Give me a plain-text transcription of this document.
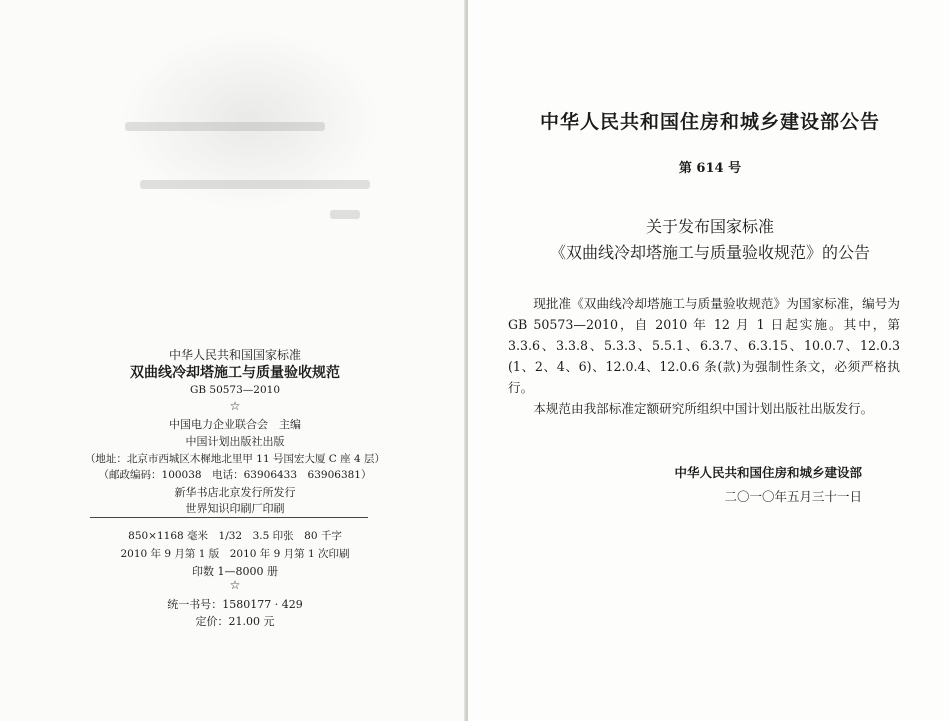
中华人民共和国国家标准
双曲线冷却塔施工与质量验收规范
GB 50573—2010
☆
中国电力企业联合会　主编
中国计划出版社出版
（地址：北京市西城区木樨地北里甲 11 号国宏大厦 C 座 4 层）
（邮政编码：100038　电话：63906433　63906381）
新华书店北京发行所发行
世界知识印刷厂印刷
850×1168 毫米　1/32　3.5 印张　80 千字
2010 年 9 月第 1 版　2010 年 9 月第 1 次印刷
印数 1—8000 册
☆
统一书号：1580177 · 429
定价：21.00 元
中华人民共和国住房和城乡建设部公告
第 614 号
关于发布国家标准
《双曲线冷却塔施工与质量验收规范》的公告

现批准《双曲线冷却塔施工与质量验收规范》为国家标准，编号为 GB 50573—2010，自 2010 年 12 月 1 日起实施。其中，第 3.3.6、3.3.8、5.3.3、5.5.1、6.3.7、6.3.15、10.0.7、12.0.3 (1、2、4、6)、12.0.4、12.0.6 条(款)为强制性条文，必须严格执行。

本规范由我部标准定额研究所组织中国计划出版社出版发行。

中华人民共和国住房和城乡建设部
二〇一〇年五月三十一日
